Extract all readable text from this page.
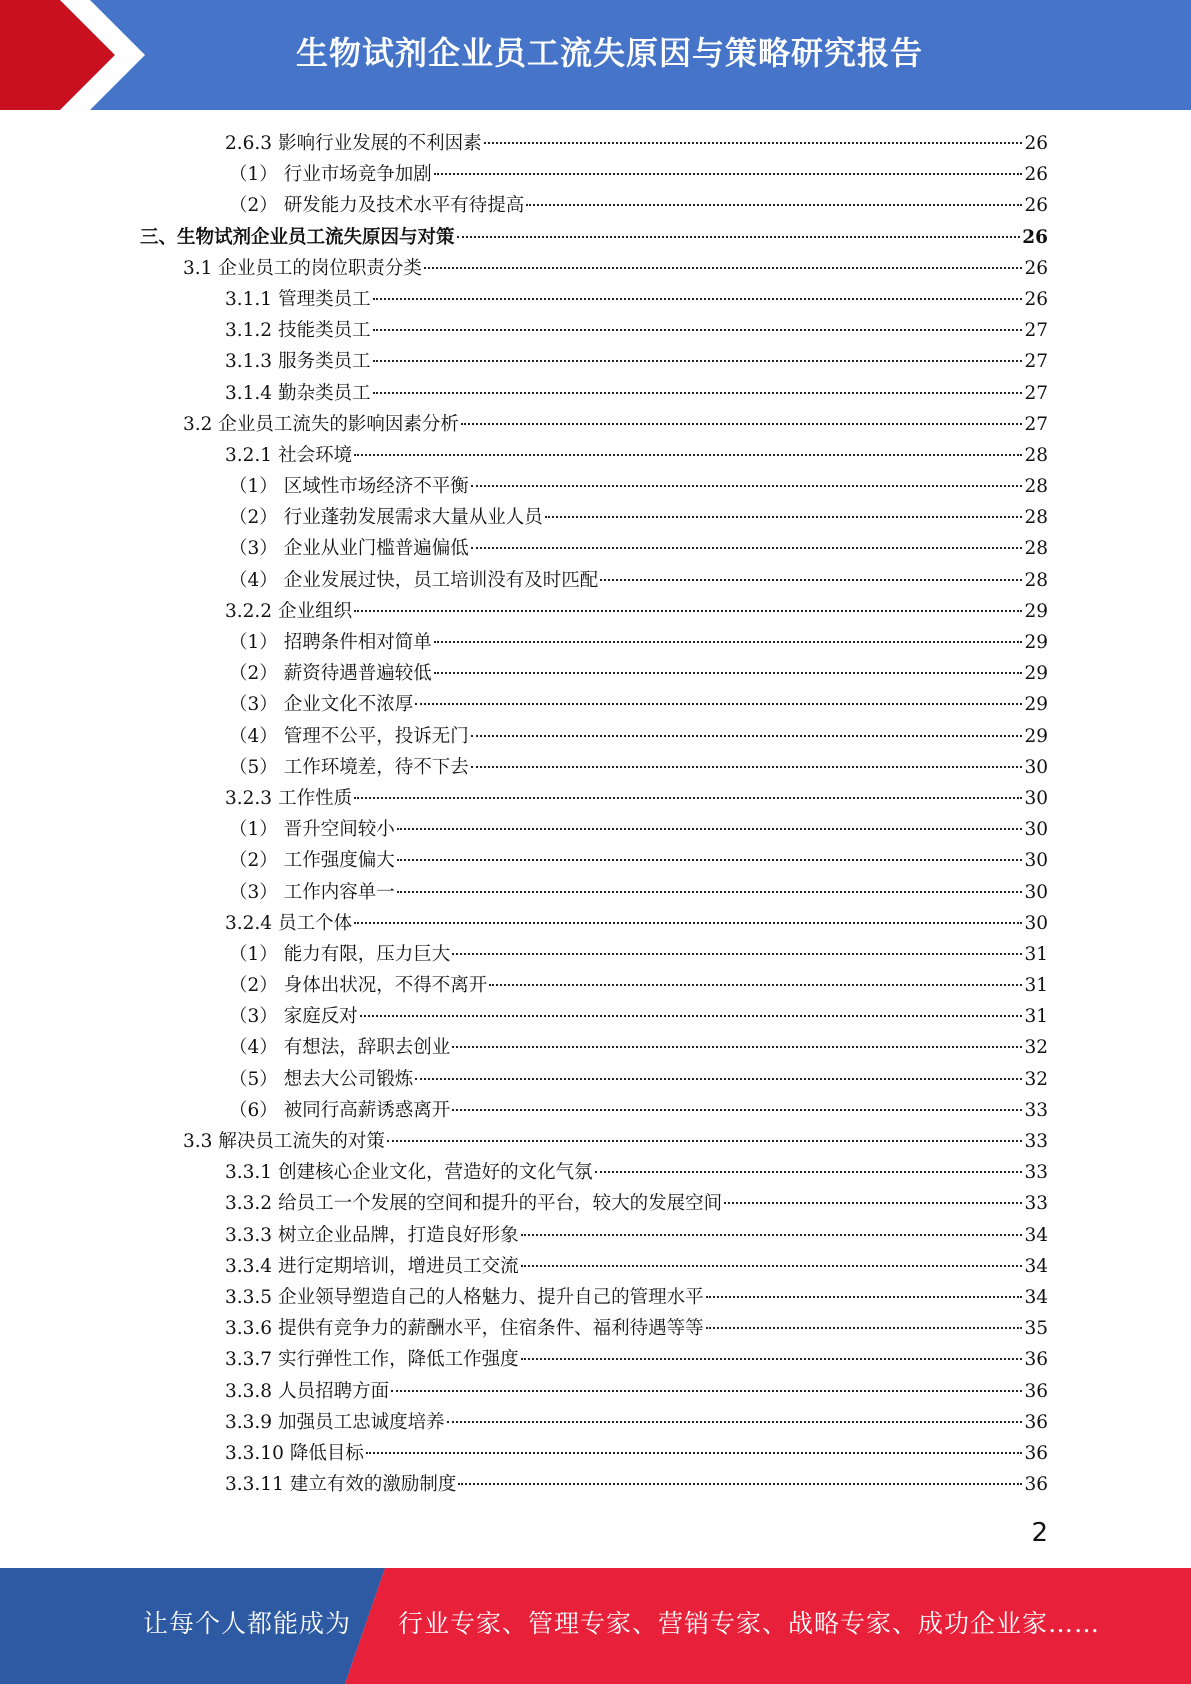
生物试剂企业员工流失原因与策略研究报告
2.6.3 影响行业发展的不利因素	26
（1） 行业市场竞争加剧	26
（2） 研发能力及技术水平有待提高	26
三、 生物试剂企业员工流失原因与对策	26
3.1 企业员工的岗位职责分类	26
3.1.1 管理类员工	26
3.1.2 技能类员工	27
3.1.3 服务类员工	27
3.1.4 勤杂类员工	27
3.2 企业员工流失的影响因素分析	27
3.2.1 社会环境	28
（1） 区域性市场经济不平衡	28
（2） 行业蓬勃发展需求大量从业人员	28
（3） 企业从业门槛普遍偏低	28
（4） 企业发展过快，员工培训没有及时匹配	28
3.2.2 企业组织	29
（1） 招聘条件相对简单	29
（2） 薪资待遇普遍较低	29
（3） 企业文化不浓厚	29
（4） 管理不公平，投诉无门	29
（5） 工作环境差，待不下去	30
3.2.3 工作性质	30
（1） 晋升空间较小	30
（2） 工作强度偏大	30
（3） 工作内容单一	30
3.2.4 员工个体	30
（1） 能力有限，压力巨大	31
（2） 身体出状况，不得不离开	31
（3） 家庭反对	31
（4） 有想法，辞职去创业	32
（5） 想去大公司锻炼	32
（6） 被同行高薪诱惑离开	33
3.3 解决员工流失的对策	33
3.3.1 创建核心企业文化，营造好的文化气氛	33
3.3.2 给员工一个发展的空间和提升的平台，较大的发展空间	33
3.3.3 树立企业品牌，打造良好形象	34
3.3.4 进行定期培训，增进员工交流	34
3.3.5 企业领导塑造自己的人格魅力、提升自己的管理水平	34
3.3.6 提供有竞争力的薪酬水平，住宿条件、福利待遇等等	35
3.3.7 实行弹性工作，降低工作强度	36
3.3.8 人员招聘方面	36
3.3.9 加强员工忠诚度培养	36
3.3.10 降低目标	36
3.3.11 建立有效的激励制度	36
2
让每个人都能成为 行业专家、管理专家、营销专家、战略专家、成功企业家……
